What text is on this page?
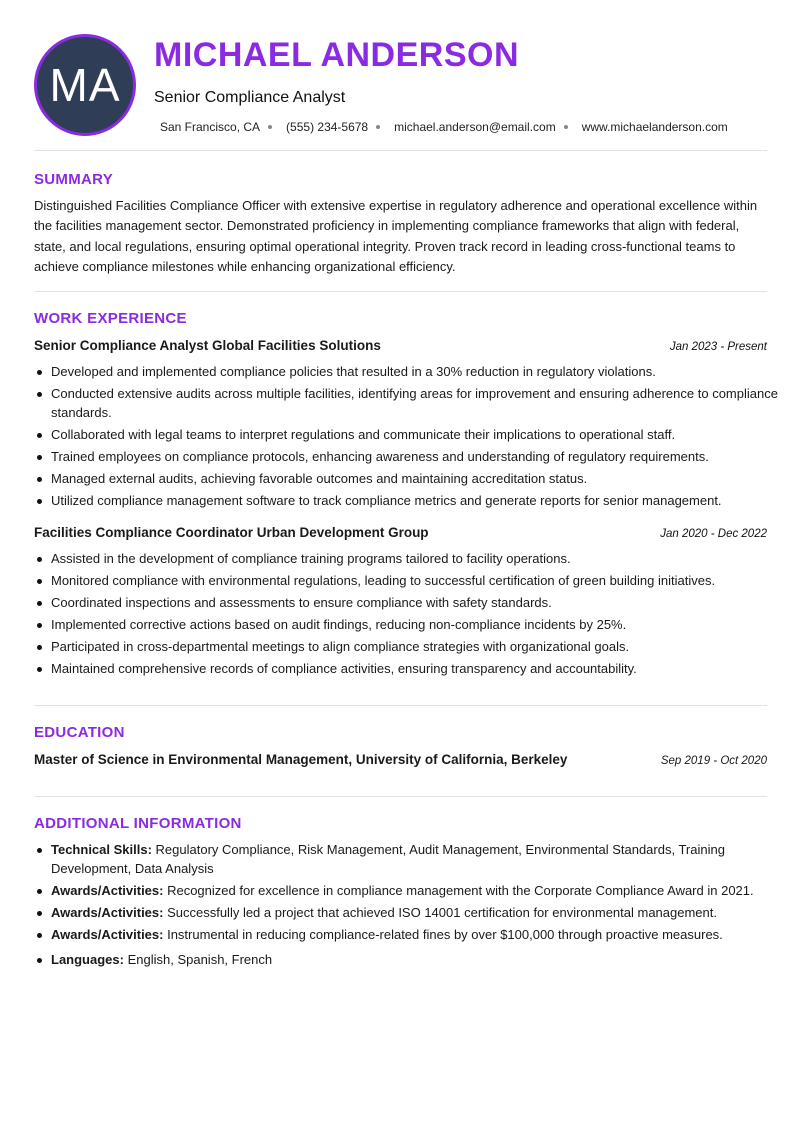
MA
MICHAEL ANDERSON
Senior Compliance Analyst
San Francisco, CA (555) 234-5678 michael.anderson@email.com www.michaelanderson.com
SUMMARY

Distinguished Facilities Compliance Officer with extensive expertise in regulatory adherence and operational excellence within the facilities management sector. Demonstrated proficiency in implementing compliance frameworks that align with federal, state, and local regulations, ensuring optimal operational integrity. Proven track record in leading cross-functional teams to achieve compliance milestones while enhancing organizational efficiency.

WORK EXPERIENCE
Senior Compliance Analyst Global Facilities Solutions	Jan 2023 - Present
Developed and implemented compliance policies that resulted in a 30% reduction in regulatory violations.
Conducted extensive audits across multiple facilities, identifying areas for improvement and ensuring adherence to compliance standards.
Collaborated with legal teams to interpret regulations and communicate their implications to operational staff.
Trained employees on compliance protocols, enhancing awareness and understanding of regulatory requirements.
Managed external audits, achieving favorable outcomes and maintaining accreditation status.
Utilized compliance management software to track compliance metrics and generate reports for senior management.
Facilities Compliance Coordinator Urban Development Group	Jan 2020 - Dec 2022
Assisted in the development of compliance training programs tailored to facility operations.
Monitored compliance with environmental regulations, leading to successful certification of green building initiatives.
Coordinated inspections and assessments to ensure compliance with safety standards.
Implemented corrective actions based on audit findings, reducing non-compliance incidents by 25%.
Participated in cross-departmental meetings to align compliance strategies with organizational goals.
Maintained comprehensive records of compliance activities, ensuring transparency and accountability.
EDUCATION
Master of Science in Environmental Management, University of California, Berkeley	Sep 2019 - Oct 2020
ADDITIONAL INFORMATION
Technical Skills: Regulatory Compliance, Risk Management, Audit Management, Environmental Standards, Training Development, Data Analysis
Awards/Activities: Recognized for excellence in compliance management with the Corporate Compliance Award in 2021.
Awards/Activities: Successfully led a project that achieved ISO 14001 certification for environmental management.
Awards/Activities: Instrumental in reducing compliance-related fines by over $100,000 through proactive measures.
Languages: English, Spanish, French
